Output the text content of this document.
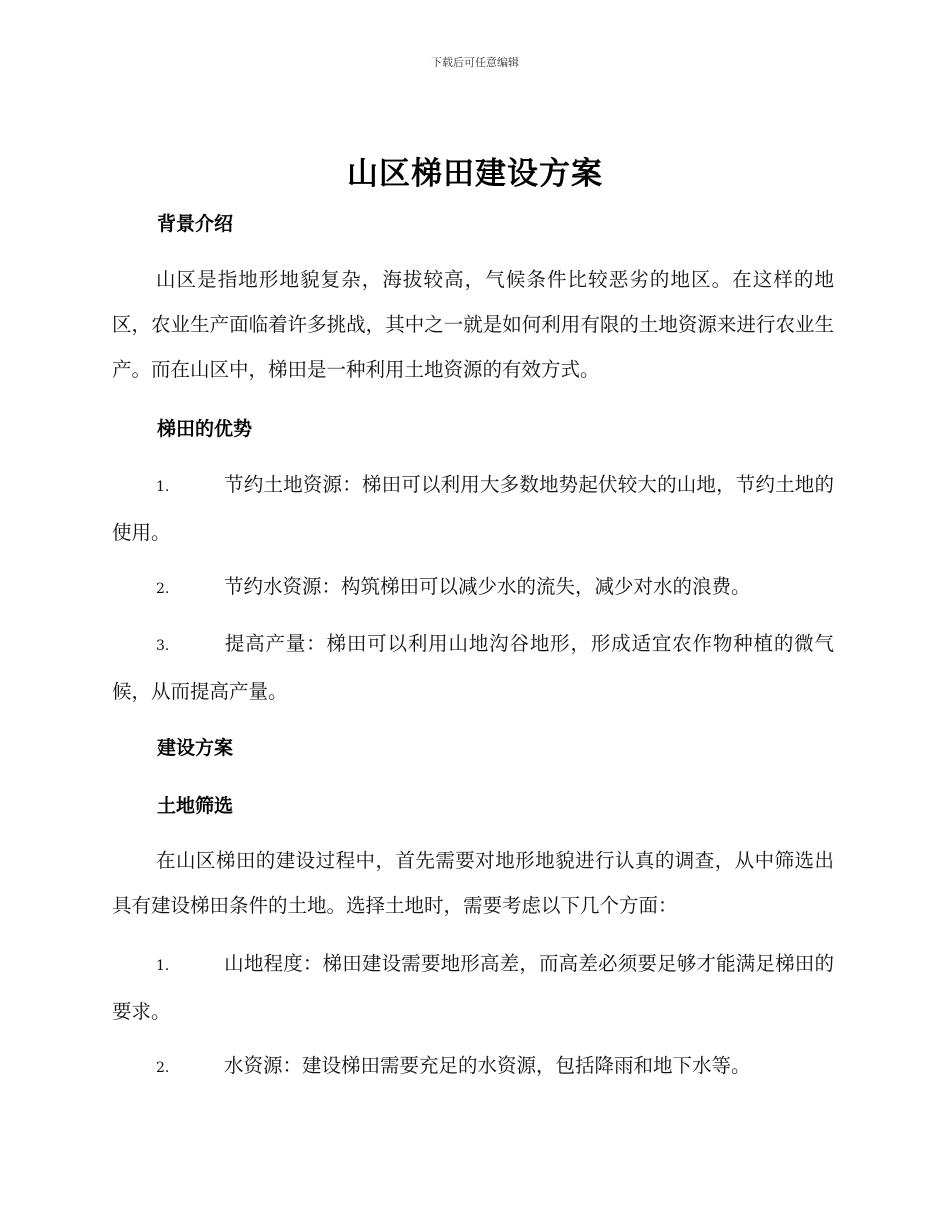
下载后可任意编辑
山区梯田建设方案
背景介绍

山区是指地形地貌复杂，海拔较高，气候条件比较恶劣的地区。在这样的地区，农业生产面临着许多挑战，其中之一就是如何利用有限的土地资源来进行农业生产。而在山区中，梯田是一种利用土地资源的有效方式。

梯田的优势

1.	节约土地资源：梯田可以利用大多数地势起伏较大的山地，节约土地的使用。

2.	节约水资源：构筑梯田可以减少水的流失，减少对水的浪费。

3.	提高产量：梯田可以利用山地沟谷地形，形成适宜农作物种植的微气候，从而提高产量。

建设方案
土地筛选

在山区梯田的建设过程中，首先需要对地形地貌进行认真的调查，从中筛选出具有建设梯田条件的土地。选择土地时，需要考虑以下几个方面：

1.	山地程度：梯田建设需要地形高差，而高差必须要足够才能满足梯田的要求。

2.	水资源：建设梯田需要充足的水资源，包括降雨和地下水等。
